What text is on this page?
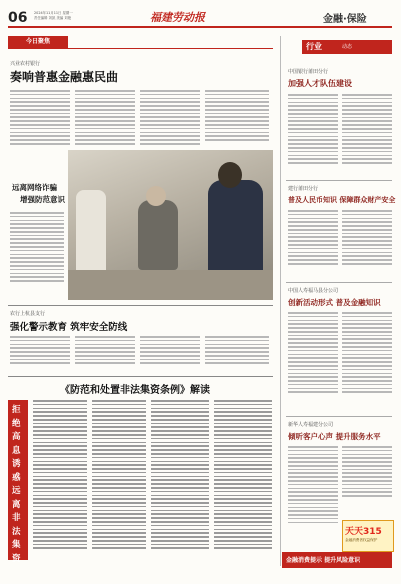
06 2024年11月11日 星期一
责任编辑 刘凯 美编 刘艳	福建劳动报	金融·保险
今日聚焦
行业	动态
兴业农村银行
奏响普惠金融惠民曲
远离网络诈骗
增强防范意识
农行上杭县支行
强化警示教育 筑牢安全防线
《防范和处置非法集资条例》解读
拒绝高息诱惑远离非法集资
中国银行莆田分行
加强人才队伍建设
建行莆田分行
普及人民币知识 保障群众财产安全
中国人寿福马县分公司
创新活动形式 普及金融知识
新华人寿福建分公司
倾听客户心声 提升服务水平
金融消费提示 提升风险意识
天天315
金融消费者权益保护
